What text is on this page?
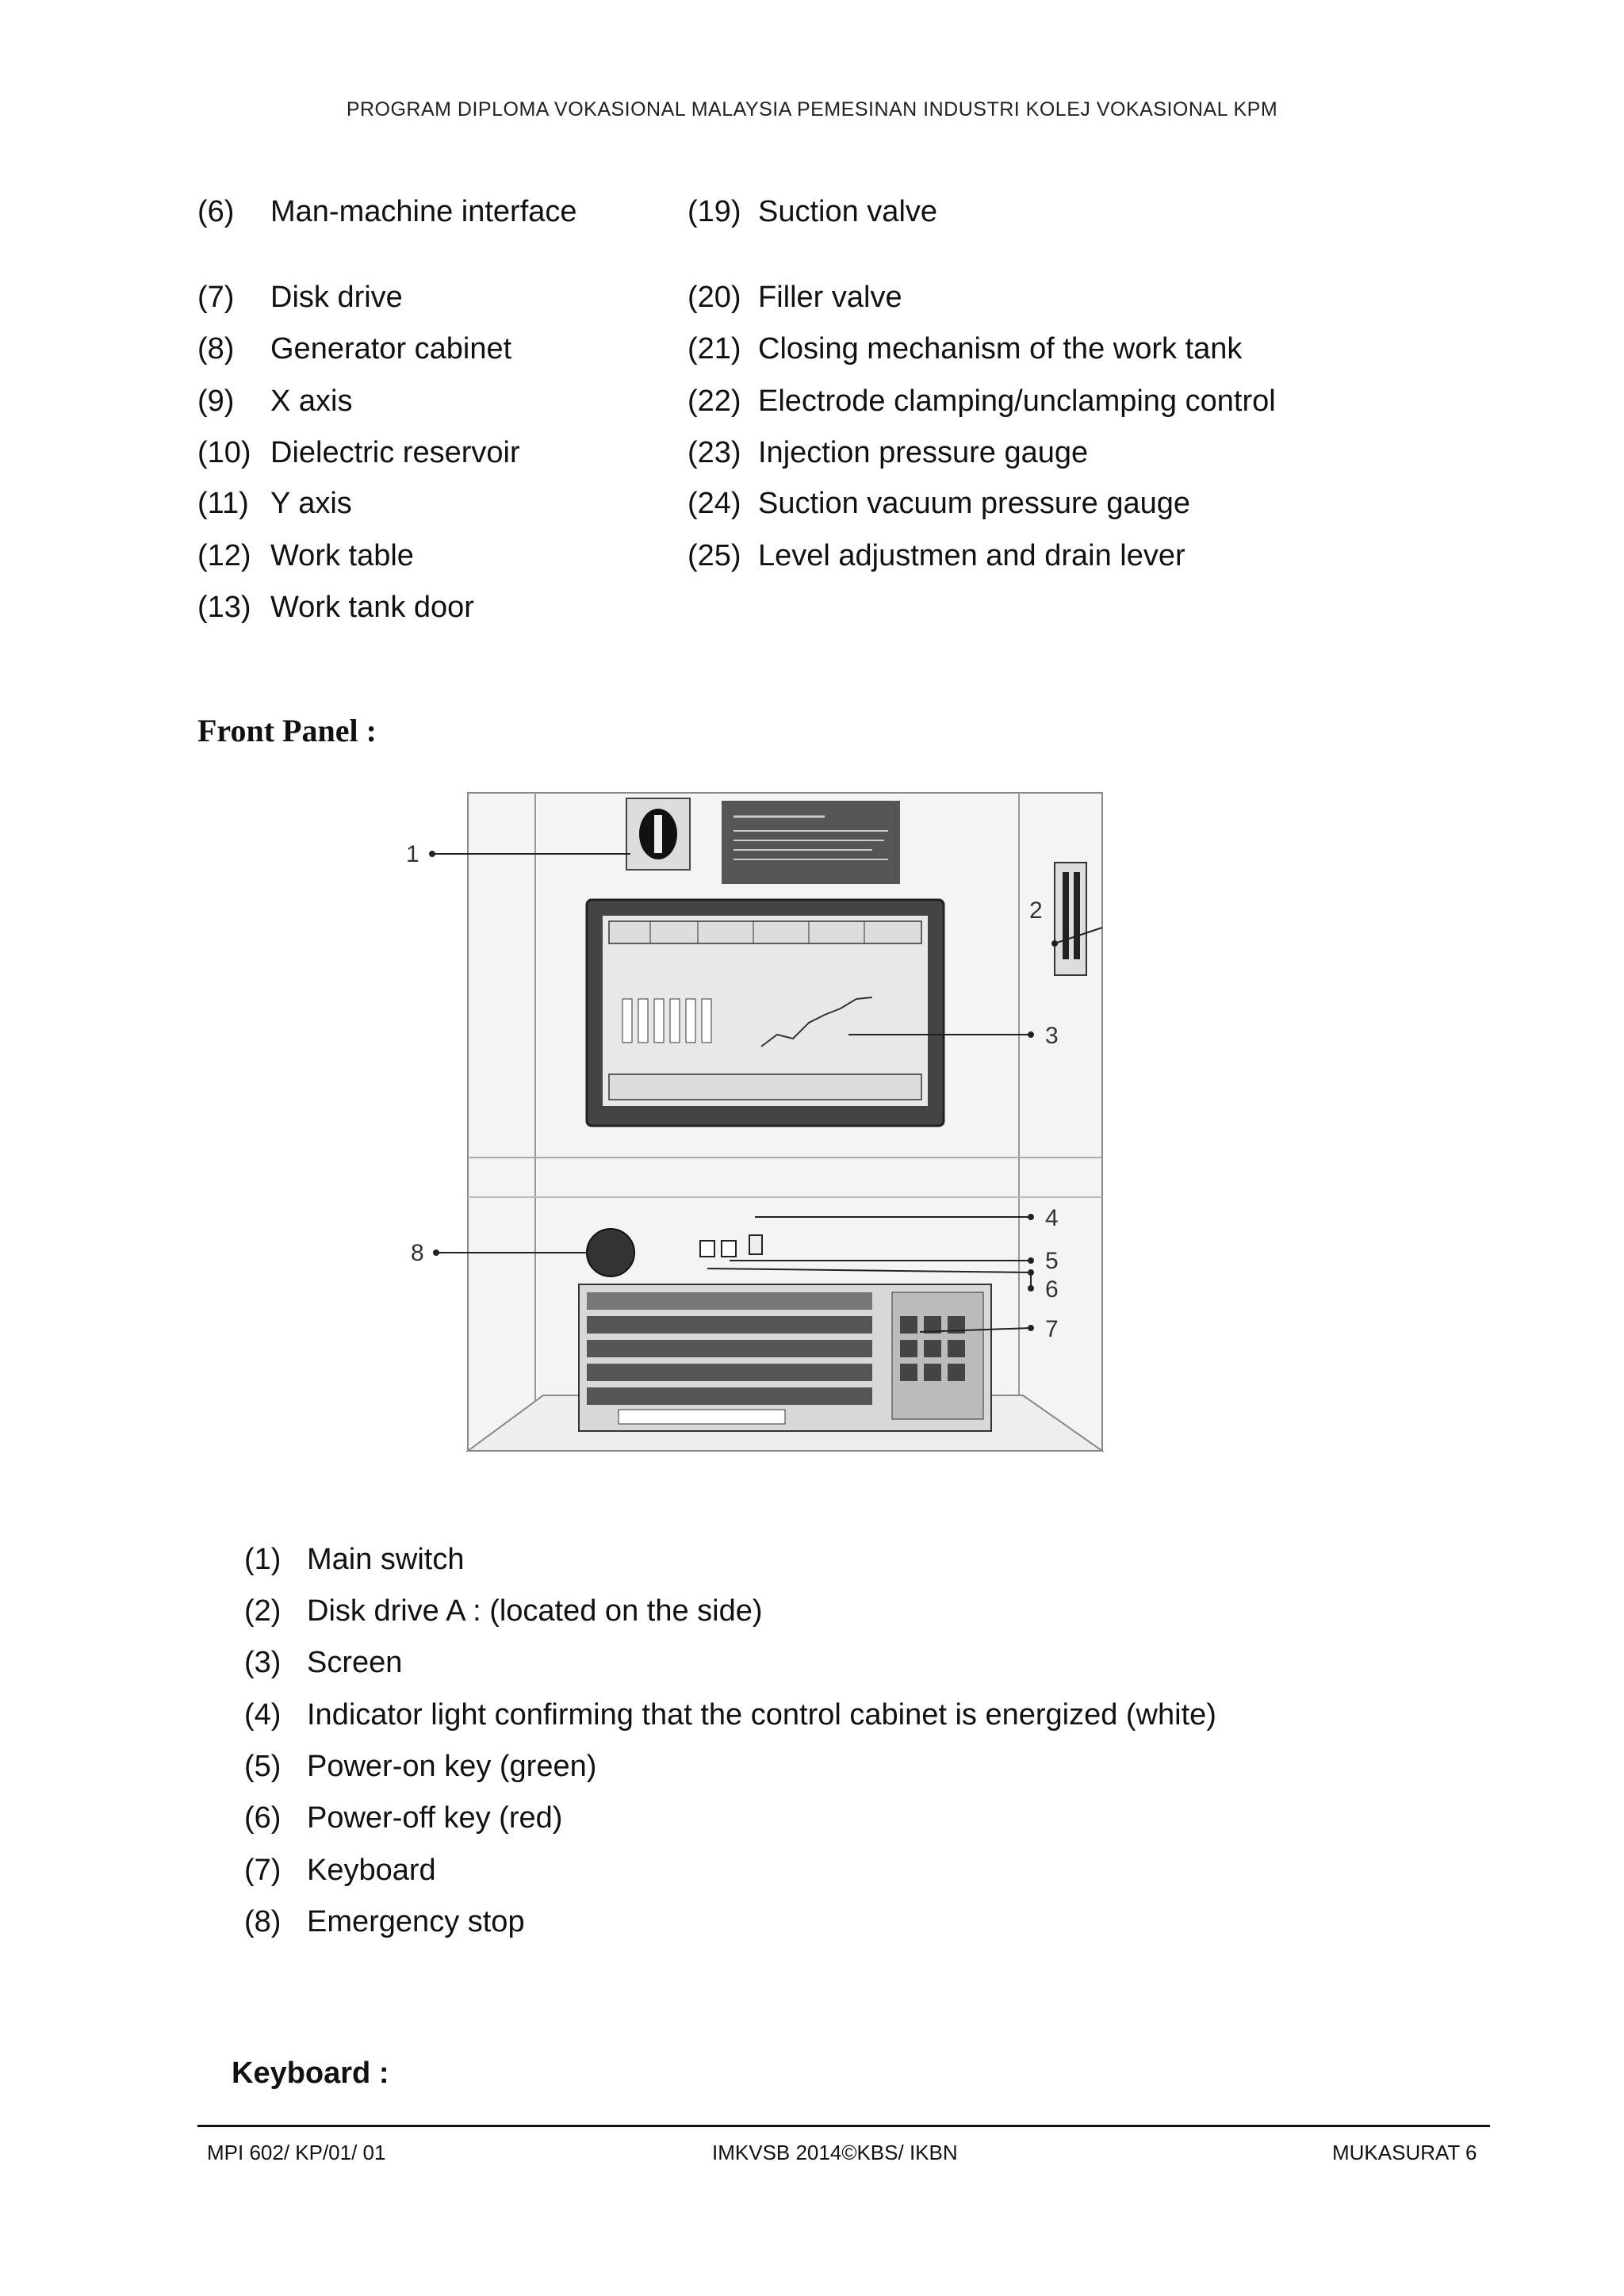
PROGRAM DIPLOMA VOKASIONAL MALAYSIA PEMESINAN INDUSTRI KOLEJ VOKASIONAL KPM
(6) Man-machine interface
(7) Disk drive
(8) Generator cabinet
(9) X axis
(10) Dielectric reservoir
(11) Y axis
(12) Work table
(13) Work tank door
(19) Suction valve
(20) Filler valve
(21) Closing mechanism of the work tank
(22) Electrode clamping/unclamping control
(23) Injection pressure gauge
(24) Suction vacuum pressure gauge
(25) Level adjustmen and drain lever
Front Panel :
1
2
3
4
5
6
7
8
(1) Main switch
(2) Disk drive A : (located on the side)
(3) Screen
(4) Indicator light confirming that the control cabinet is energized (white)
(5) Power-on key (green)
(6) Power-off key (red)
(7) Keyboard
(8) Emergency stop
Keyboard :
MPI 602/ KP/01/ 01	IMKVSB 2014©KBS/ IKBN	MUKASURAT 6
